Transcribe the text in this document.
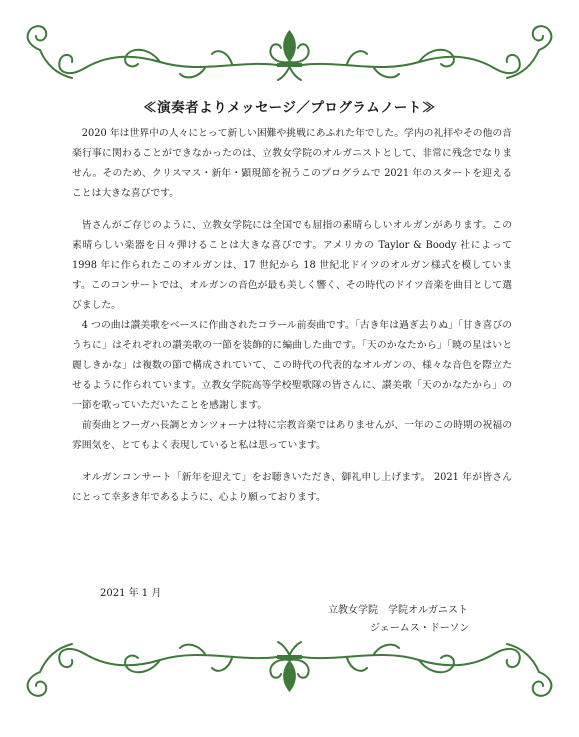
≪演奏者よりメッセージ／プログラムノート≫

2020 年は世界中の人々にとって新しい困難や挑戦にあふれた年でした。学内の礼拝やその他の音楽行事に関わることができなかったのは、立教女学院のオルガニストとして、非常に残念でなりません。そのため、クリスマス・新年・顕現節を祝うこのプログラムで 2021 年のスタートを迎えることは大きな喜びです。

皆さんがご存じのように、立教女学院には全国でも屈指の素晴らしいオルガンがあります。この素晴らしい楽器を日々弾けることは大きな喜びです。アメリカの Taylor & Boody 社によって 1998 年に作られたこのオルガンは、17 世紀から 18 世紀北ドイツのオルガン様式を模しています。このコンサートでは、オルガンの音色が最も美しく響く、その時代のドイツ音楽を曲目として選びました。

4 つの曲は讃美歌をベースに作曲されたコラール前奏曲です。「古き年は過ぎ去りぬ」「甘き喜びのうちに」はそれぞれの讃美歌の一節を装飾的に編曲した曲です。「天のかなたから」「暁の星はいと麗しきかな」は複数の節で構成されていて、この時代の代表的なオルガンの、様々な音色を際立たせるように作られています。立教女学院高等学校聖歌隊の皆さんに、讃美歌「天のかなたから」の一節を歌っていただいたことを感謝します。

前奏曲とフーガハ長調とカンツォーナは特に宗教音楽ではありませんが、一年のこの時期の祝福の雰囲気を、とてもよく表現していると私は思っています。

オルガンコンサート「新年を迎えて」をお聴きいただき、御礼申し上げます。 2021 年が皆さんにとって幸多き年であるように、心より願っております。

2021 年 1 月
立教女学院　学院オルガニスト
ジェームス・ドーソン
